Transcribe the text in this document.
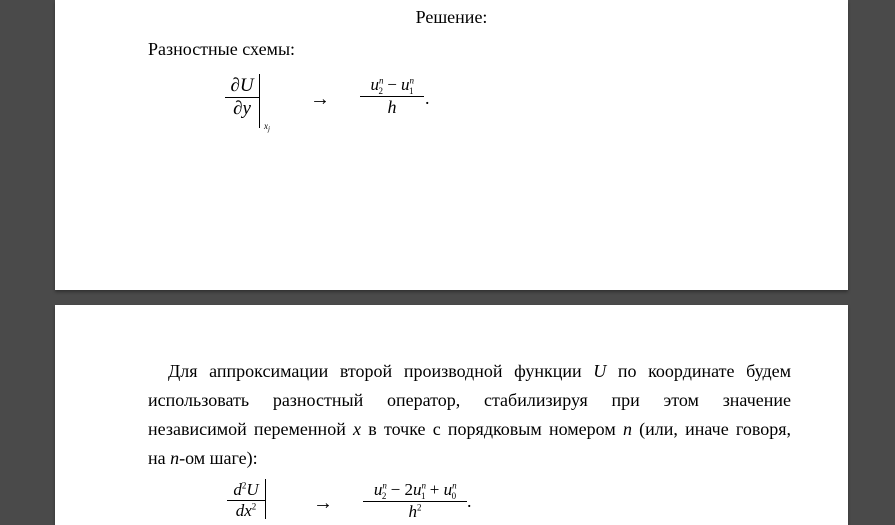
Решение:
Разностные схемы:
∂U
∂y
$x_j$
→
$u^n_2 - u^n_1$
h	.
Для аппроксимации второй производной функции U по координате будем
использовать разностный оператор, стабилизируя при этом значение
независимой переменной x в точке с порядковым номером n (или, иначе говоря,
на n-ом шаге):
$d^2U$
$dx^2$	→
$u^n_2 - 2u^n_1 + u^n_0$
$h^2$	.
